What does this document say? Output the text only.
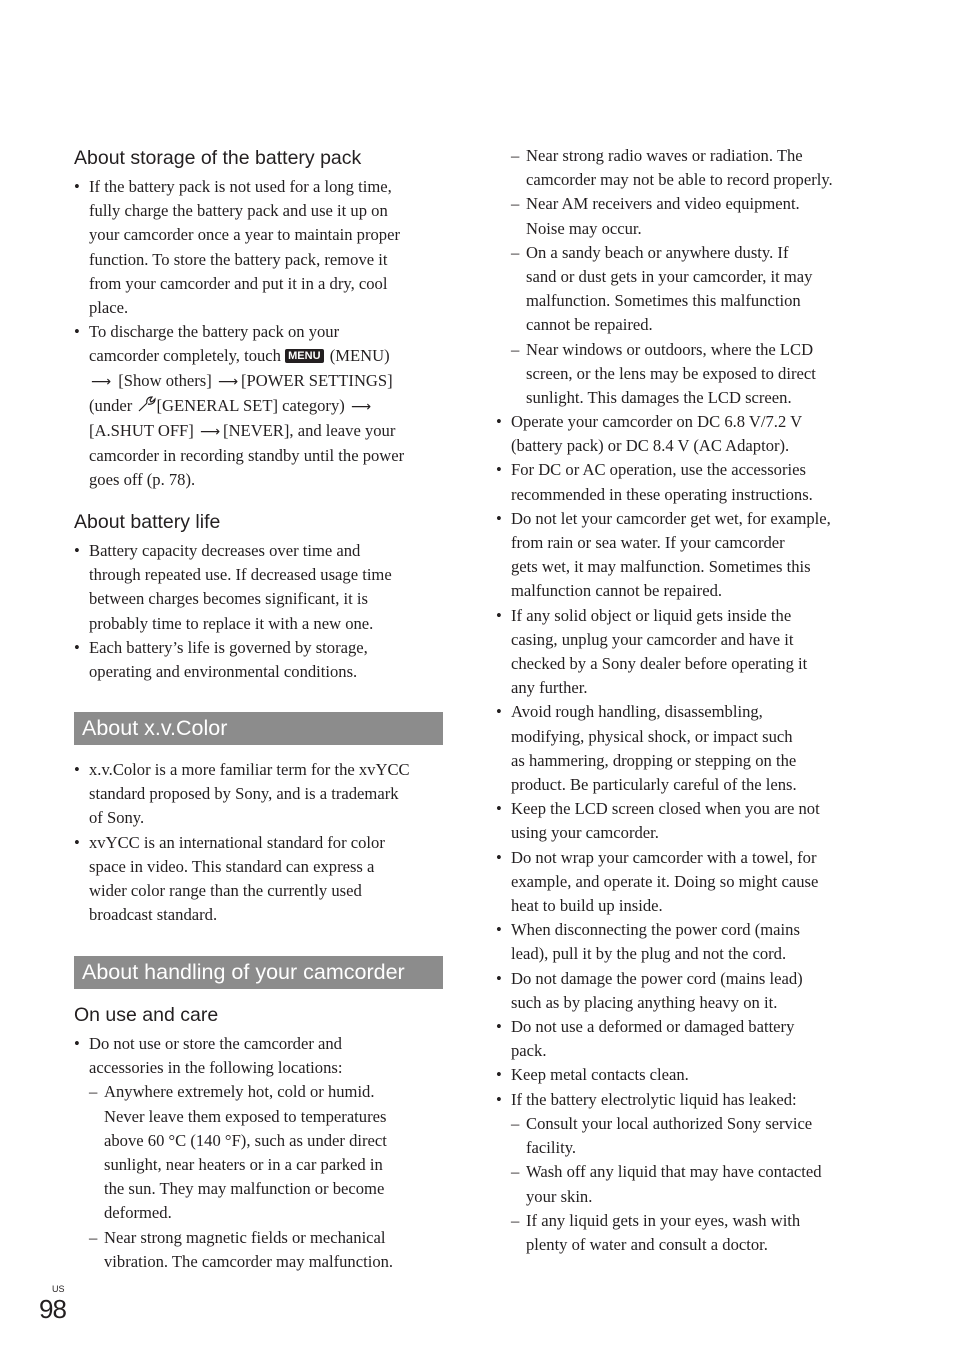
About storage of the battery pack
• If the battery pack is not used for a long time,
fully charge the battery pack and use it up on
your camcorder once a year to maintain proper
function. To store the battery pack, remove it
from your camcorder and put it in a dry, cool
place.
• To discharge the battery pack on your
camcorder completely, touch MENU (MENU)
⟶ [Show others] ⟶ [POWER SETTINGS]
(under [GENERAL SET] category) ⟶
[A.SHUT OFF] ⟶ [NEVER], and leave your
camcorder in recording standby until the power
goes off (p. 78).
About battery life
• Battery capacity decreases over time and
through repeated use. If decreased usage time
between charges becomes significant, it is
probably time to replace it with a new one.
• Each battery’s life is governed by storage,
operating and environmental conditions.
About x.v.Color
• x.v.Color is a more familiar term for the xvYCC
standard proposed by Sony, and is a trademark
of Sony.
• xvYCC is an international standard for color
space in video. This standard can express a
wider color range than the currently used
broadcast standard.
About handling of your camcorder
On use and care
• Do not use or store the camcorder and
accessories in the following locations:
– Anywhere extremely hot, cold or humid.
Never leave them exposed to temperatures
above 60 °C (140 °F), such as under direct
sunlight, near heaters or in a car parked in
the sun. They may malfunction or become
deformed.
– Near strong magnetic fields or mechanical
vibration. The camcorder may malfunction.
– Near strong radio waves or radiation. The
camcorder may not be able to record properly.
– Near AM receivers and video equipment.
Noise may occur.
– On a sandy beach or anywhere dusty. If
sand or dust gets in your camcorder, it may
malfunction. Sometimes this malfunction
cannot be repaired.
– Near windows or outdoors, where the LCD
screen, or the lens may be exposed to direct
sunlight. This damages the LCD screen.
• Operate your camcorder on DC 6.8 V/7.2 V
(battery pack) or DC 8.4 V (AC Adaptor).
• For DC or AC operation, use the accessories
recommended in these operating instructions.
• Do not let your camcorder get wet, for example,
from rain or sea water. If your camcorder
gets wet, it may malfunction. Sometimes this
malfunction cannot be repaired.
• If any solid object or liquid gets inside the
casing, unplug your camcorder and have it
checked by a Sony dealer before operating it
any further.
• Avoid rough handling, disassembling,
modifying, physical shock, or impact such
as hammering, dropping or stepping on the
product. Be particularly careful of the lens.
• Keep the LCD screen closed when you are not
using your camcorder.
• Do not wrap your camcorder with a towel, for
example, and operate it. Doing so might cause
heat to build up inside.
• When disconnecting the power cord (mains
lead), pull it by the plug and not the cord.
• Do not damage the power cord (mains lead)
such as by placing anything heavy on it.
• Do not use a deformed or damaged battery
pack.
• Keep metal contacts clean.
• If the battery electrolytic liquid has leaked:
– Consult your local authorized Sony service
facility.
– Wash off any liquid that may have contacted
your skin.
– If any liquid gets in your eyes, wash with
plenty of water and consult a doctor.
US
98
